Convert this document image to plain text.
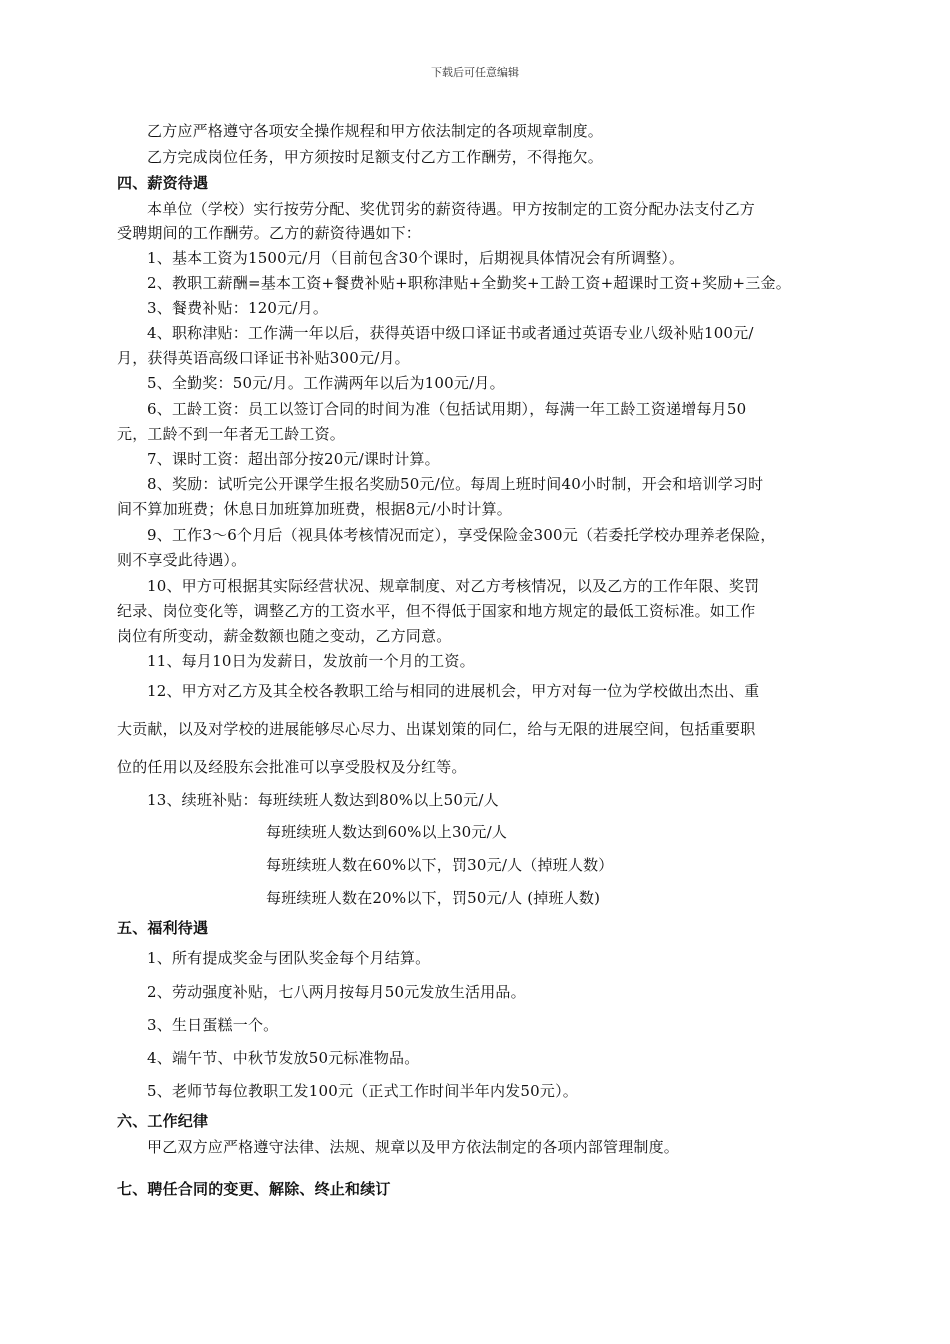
下载后可任意编辑
乙方应严格遵守各项安全操作规程和甲方依法制定的各项规章制度。
乙方完成岗位任务，甲方须按时足额支付乙方工作酬劳，不得拖欠。
四、薪资待遇
本单位（学校）实行按劳分配、奖优罚劣的薪资待遇。甲方按制定的工资分配办法支付乙方
受聘期间的工作酬劳。乙方的薪资待遇如下：
1、基本工资为1500元/月（目前包含30个课时，后期视具体情况会有所调整）。
2、教职工薪酬=基本工资+餐费补贴+职称津贴+全勤奖+工龄工资+超课时工资+奖励+三金。
3、餐费补贴：120元/月。
4、职称津贴：工作满一年以后，获得英语中级口译证书或者通过英语专业八级补贴100元/
月，获得英语高级口译证书补贴300元/月。
5、全勤奖：50元/月。工作满两年以后为100元/月。
6、工龄工资：员工以签订合同的时间为准（包括试用期），每满一年工龄工资递增每月50
元，工龄不到一年者无工龄工资。
7、课时工资：超出部分按20元/课时计算。
8、奖励：试听完公开课学生报名奖励50元/位。每周上班时间40小时制，开会和培训学习时
间不算加班费；休息日加班算加班费，根据8元/小时计算。
9、工作3～6个月后（视具体考核情况而定），享受保险金300元（若委托学校办理养老保险，
则不享受此待遇）。
10、甲方可根据其实际经营状况、规章制度、对乙方考核情况，以及乙方的工作年限、奖罚
纪录、岗位变化等，调整乙方的工资水平，但不得低于国家和地方规定的最低工资标准。如工作
岗位有所变动，薪金数额也随之变动，乙方同意。
11、每月10日为发薪日，发放前一个月的工资。
12、甲方对乙方及其全校各教职工给与相同的进展机会，甲方对每一位为学校做出杰出、重
大贡献，以及对学校的进展能够尽心尽力、出谋划策的同仁，给与无限的进展空间，包括重要职
位的任用以及经股东会批准可以享受股权及分红等。
13、续班补贴：每班续班人数达到80%以上50元/人
每班续班人数达到60%以上30元/人
每班续班人数在60%以下，罚30元/人（掉班人数）
每班续班人数在20%以下，罚50元/人 (掉班人数)
五、福利待遇
1、所有提成奖金与团队奖金每个月结算。
2、劳动强度补贴，七八两月按每月50元发放生活用品。
3、生日蛋糕一个。
4、端午节、中秋节发放50元标准物品。
5、老师节每位教职工发100元（正式工作时间半年内发50元）。
六、工作纪律
甲乙双方应严格遵守法律、法规、规章以及甲方依法制定的各项内部管理制度。
七、聘任合同的变更、解除、终止和续订
